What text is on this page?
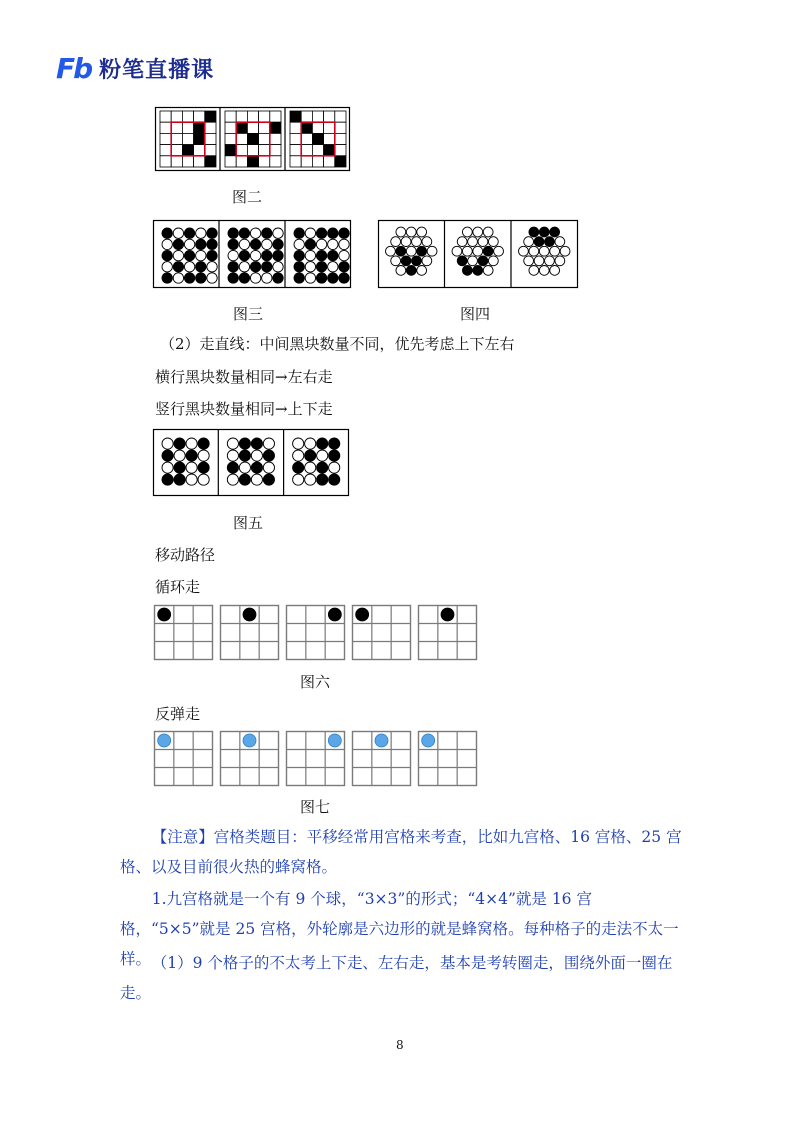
Fb 粉笔直播课
图二
图三	图四
（2）走直线：中间黑块数量不同，优先考虑上下左右
横行黑块数量相同→左右走
竖行黑块数量相同→上下走
图五
移动路径
循环走
图六
反弹走
图七
【注意】宫格类题目：平移经常用宫格来考查，比如九宫格、16 宫格、25 宫格、以及目前很火热的蜂窝格。
1.九宫格就是一个有 9 个球，“3×3”的形式；“4×4”就是 16 宫格，“5×5”就是 25 宫格，外轮廓是六边形的就是蜂窝格。每种格子的走法不太一样。 （1）9 个格子的不太考上下走、左右走，基本是考转圈走，围绕外面一圈在走。
8
